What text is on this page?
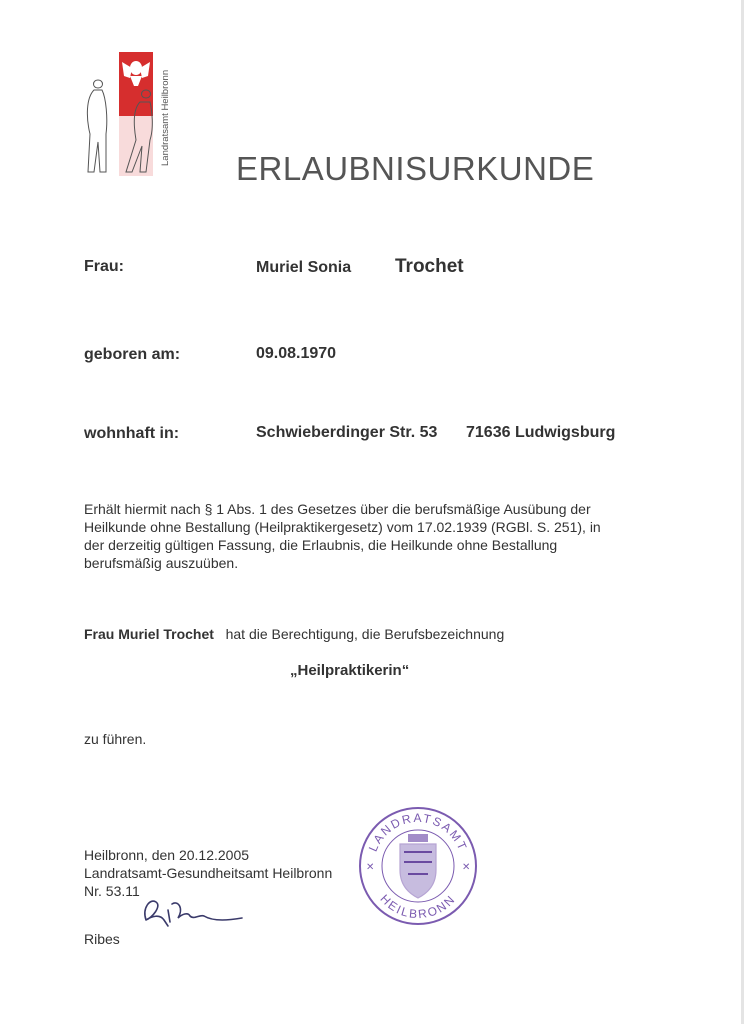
Landratsamt Heilbronn
ERLAUBNISURKUNDE
Frau:	Muriel Sonia Trochet
geboren am:	09.08.1970
wohnhaft in:	Schwieberdinger Str. 53 71636 Ludwigsburg
Erhält hiermit nach § 1 Abs. 1 des Gesetzes über die berufsmäßige Ausübung der
Heilkunde ohne Bestallung (Heilpraktikergesetz) vom 17.02.1939 (RGBl. S. 251), in
der derzeitig gültigen Fassung, die Erlaubnis, die Heilkunde ohne Bestallung
berufsmäßig auszuüben.
Frau Muriel Trochet hat die Berechtigung, die Berufsbezeichnung
„Heilpraktikerin“
zu führen.
Heilbronn, den 20.12.2005
Landratsamt-Gesundheitsamt Heilbronn
Nr. 53.11
Ribes
LANDRATSAMT
HEILBRONN
✕	✕
